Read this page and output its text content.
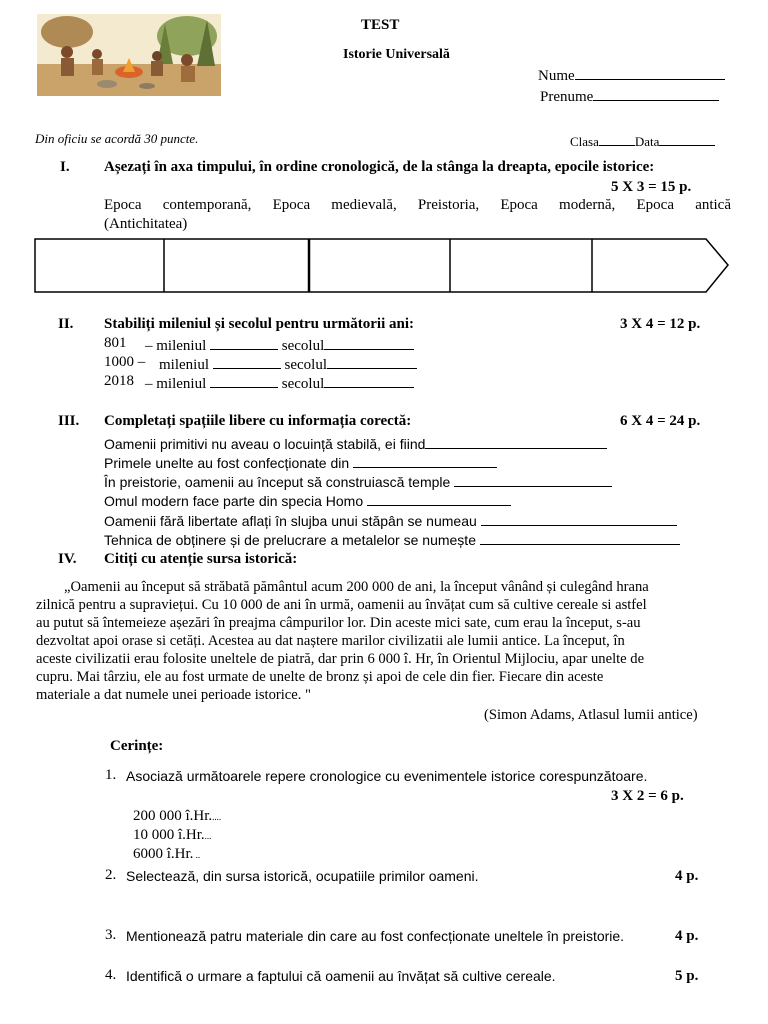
TEST
Istorie Universală
Nume
Prenume
Din oficiu se acordă 30 puncte.	Clasa	Data
I. Așezați în axa timpului, în ordine cronologică, de la stânga la dreapta, epocile istorice:
5 X 3 = 15 p.
Epoca contemporană, Epoca medievală, Preistoria, Epoca modernă, Epoca antică
(Antichitatea)
II. Stabiliți mileniul și secolul pentru următorii ani:	3 X 4 = 12 p.
801 – mileniul	secolul
1000 – mileniul	secolul
2018 – mileniul	secolul
III. Completați spațiile libere cu informația corectă:	6 X 4 = 24 p.
Oamenii primitivi nu aveau o locuință stabilă, ei fiind
Primele unelte au fost confecționate din
În preistorie, oamenii au început să construiască temple
Omul modern face parte din specia Homo
Oamenii fără libertate aflați în slujba unui stăpân se numeau
Tehnica de obținere și de prelucrare a metalelor se numește
IV. Citiți cu atenție sursa istorică:
„Oamenii au început să străbată pământul acum 200 000 de ani, la început vânând și culegând hrana
zilnică pentru a supraviețui. Cu 10 000 de ani în urmă, oamenii au învățat cum să cultive cereale si astfel
au putut să întemeieze așezări în preajma câmpurilor lor. Din aceste mici sate, cum erau la început, s-au
dezvoltat apoi orase si cetăți. Acestea au dat naștere marilor civilizatii ale lumii antice. La început, în
aceste civilizatii erau folosite uneltele de piatră, dar prin 6 000 î. Hr, în Orientul Mijlociu, apar unelte de
cupru. Mai târziu, ele au fost urmate de unelte de bronz și apoi de cele din fier. Fiecare din aceste
materiale a dat numele unei perioade istorice. "
(Simon Adams, Atlasul lumii antice)
Cerințe:
1. Asociază următoarele repere cronologice cu evenimentele istorice corespunzătoare.
3 X 2 = 6 p.
200 000 î.Hr.....
10 000 î.Hr....
6000 î.Hr. ..
2. Selectează, din sursa istorică, ocupatiile primilor oameni.	4 p.
3. Mentionează patru materiale din care au fost confecționate uneltele în preistorie.	4 p.
4. Identifică o urmare a faptului că oamenii au învățat să cultive cereale.	5 p.
